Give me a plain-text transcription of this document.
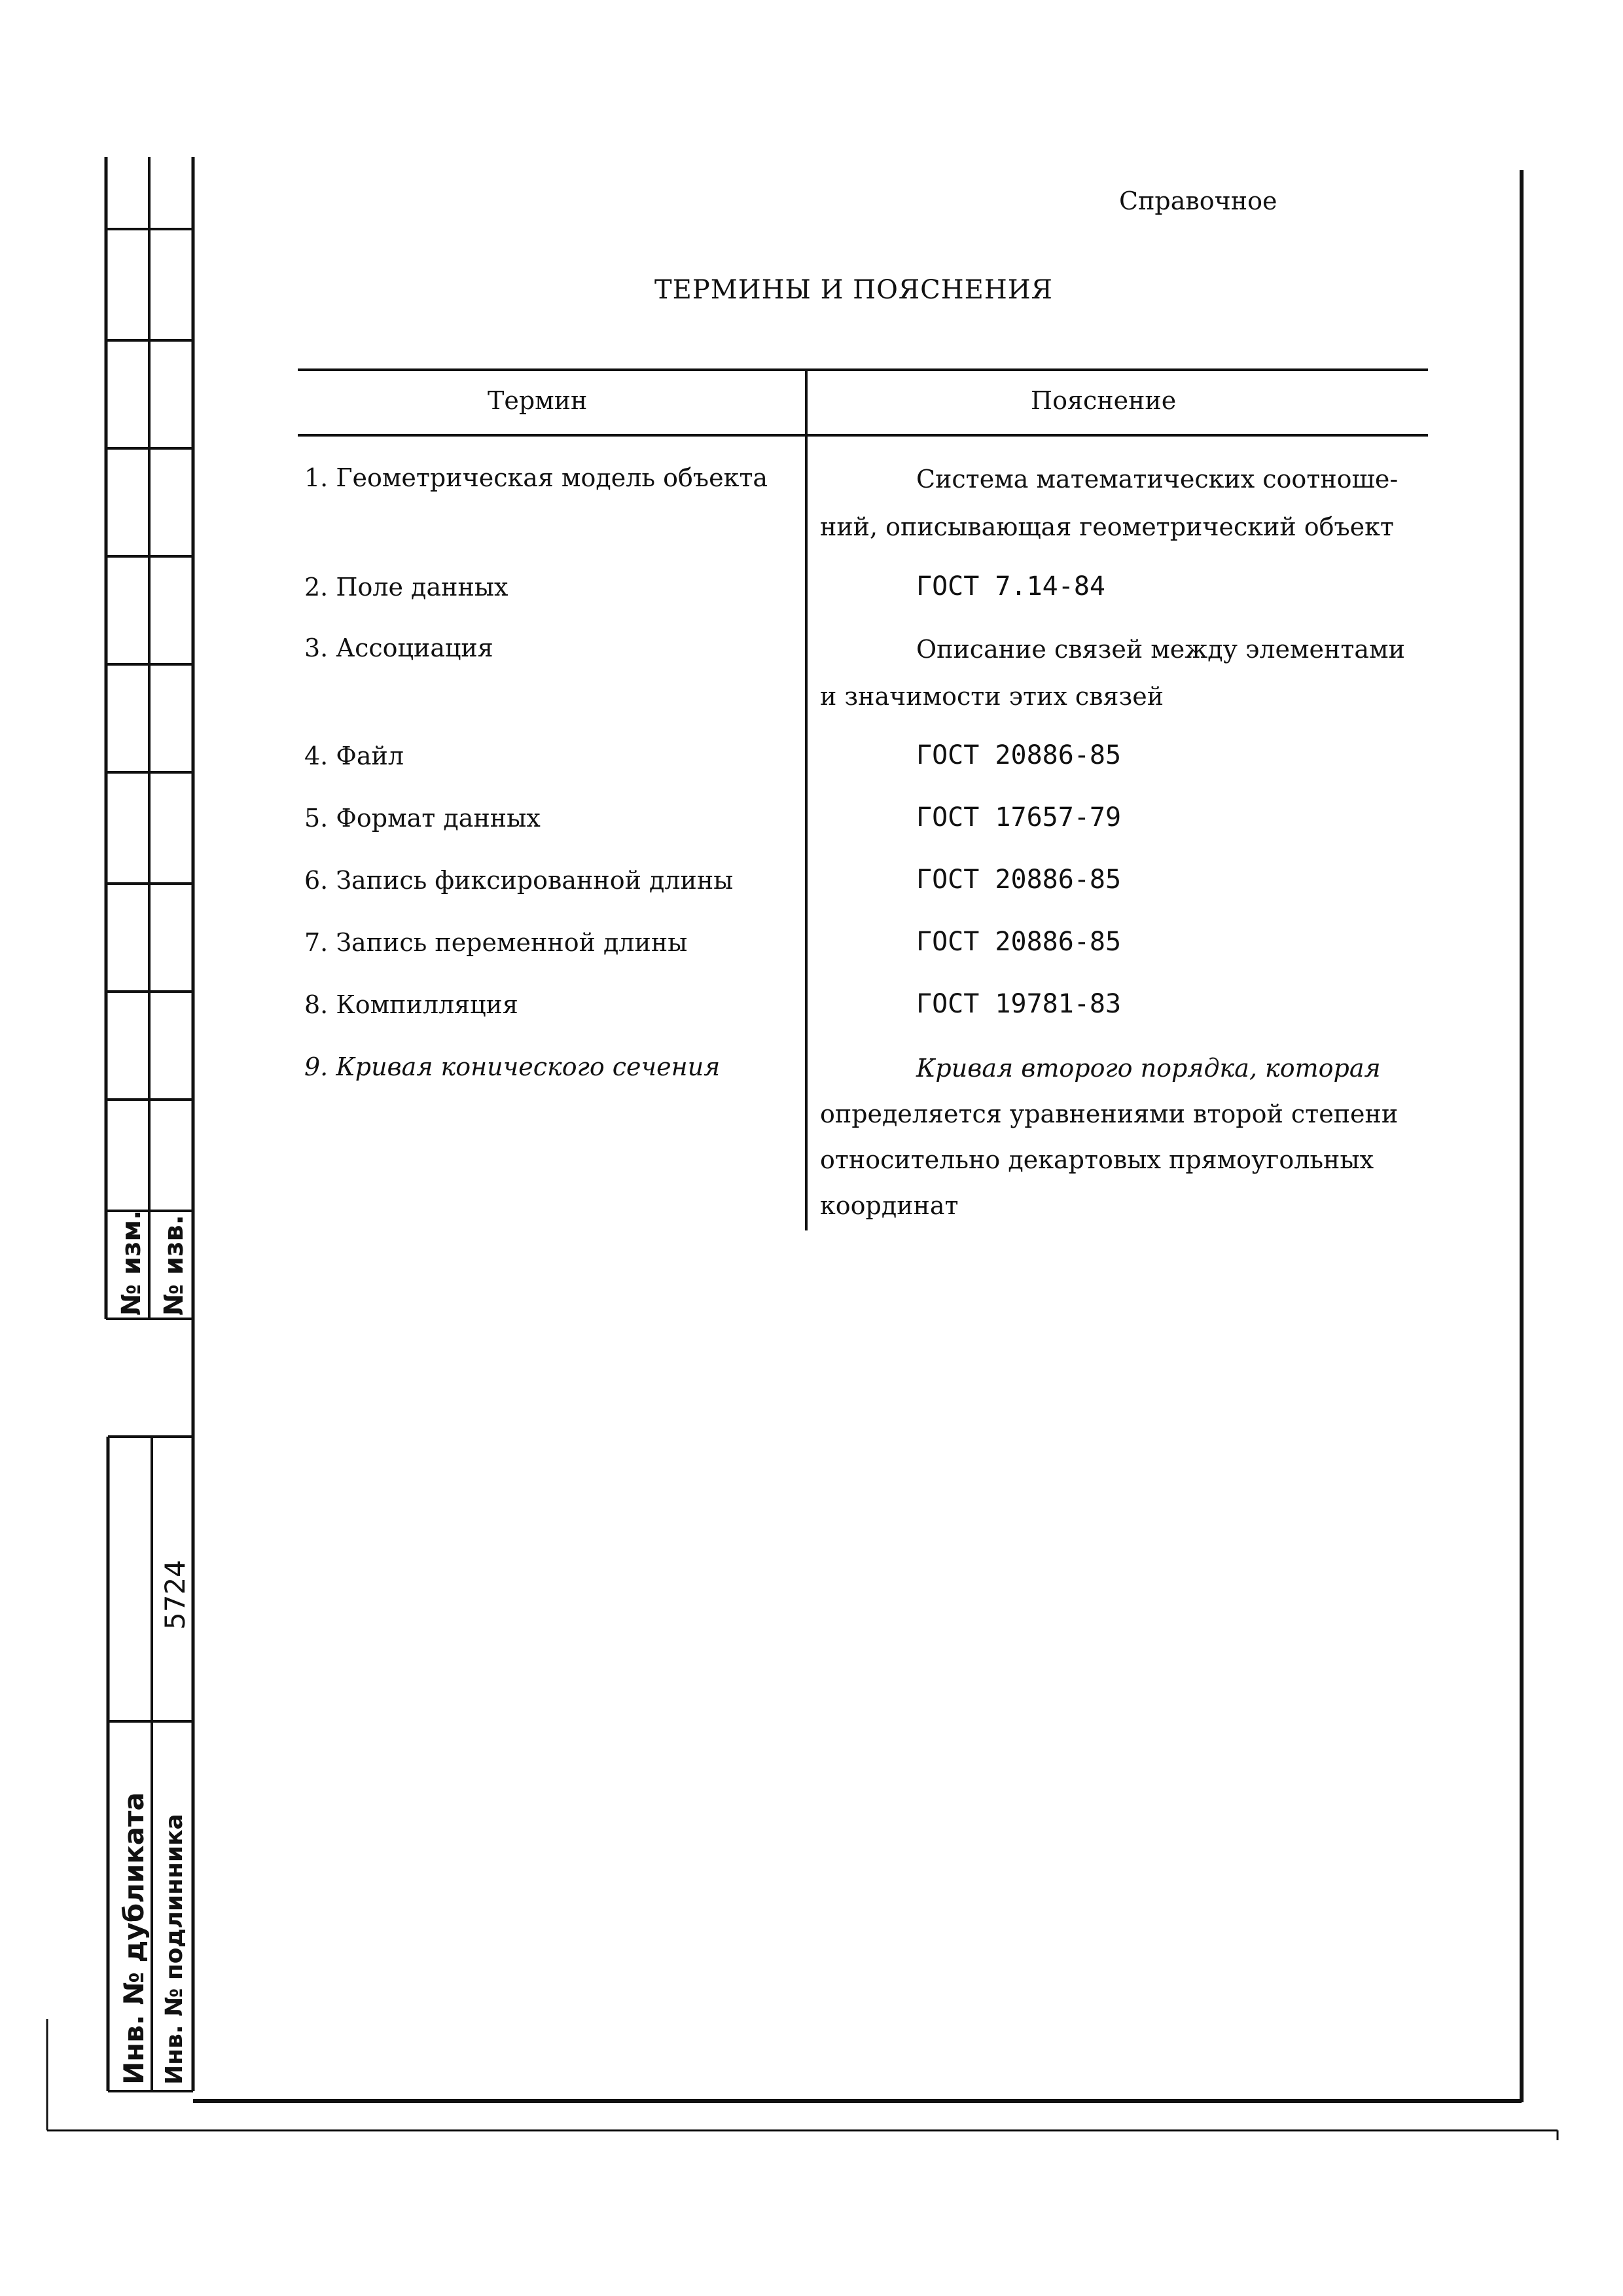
Справочное
ТЕРМИНЫ И ПОЯСНЕНИЯ
Термин	Пояснение
1. Геометрическая модель объекта	Система математических соотноше-
ний, описывающая геометрический объект
2. Поле данных	ГОСТ 7.14-84
3. Ассоциация	Описание связей между элементами
и значимости этих связей
4. Файл	ГОСТ 20886-85
5. Формат данных	ГОСТ 17657-79
6. Запись фиксированной длины	ГОСТ 20886-85
7. Запись переменной длины	ГОСТ 20886-85
8. Компилляция	ГОСТ 19781-83
9. Кривая конического сечения	Кривая второго порядка, которая
определяется уравнениями второй степени
относительно декартовых прямоугольных
координат
№ изм. № изв.
Инв. № дубликата Инв. № подлинника
5724
